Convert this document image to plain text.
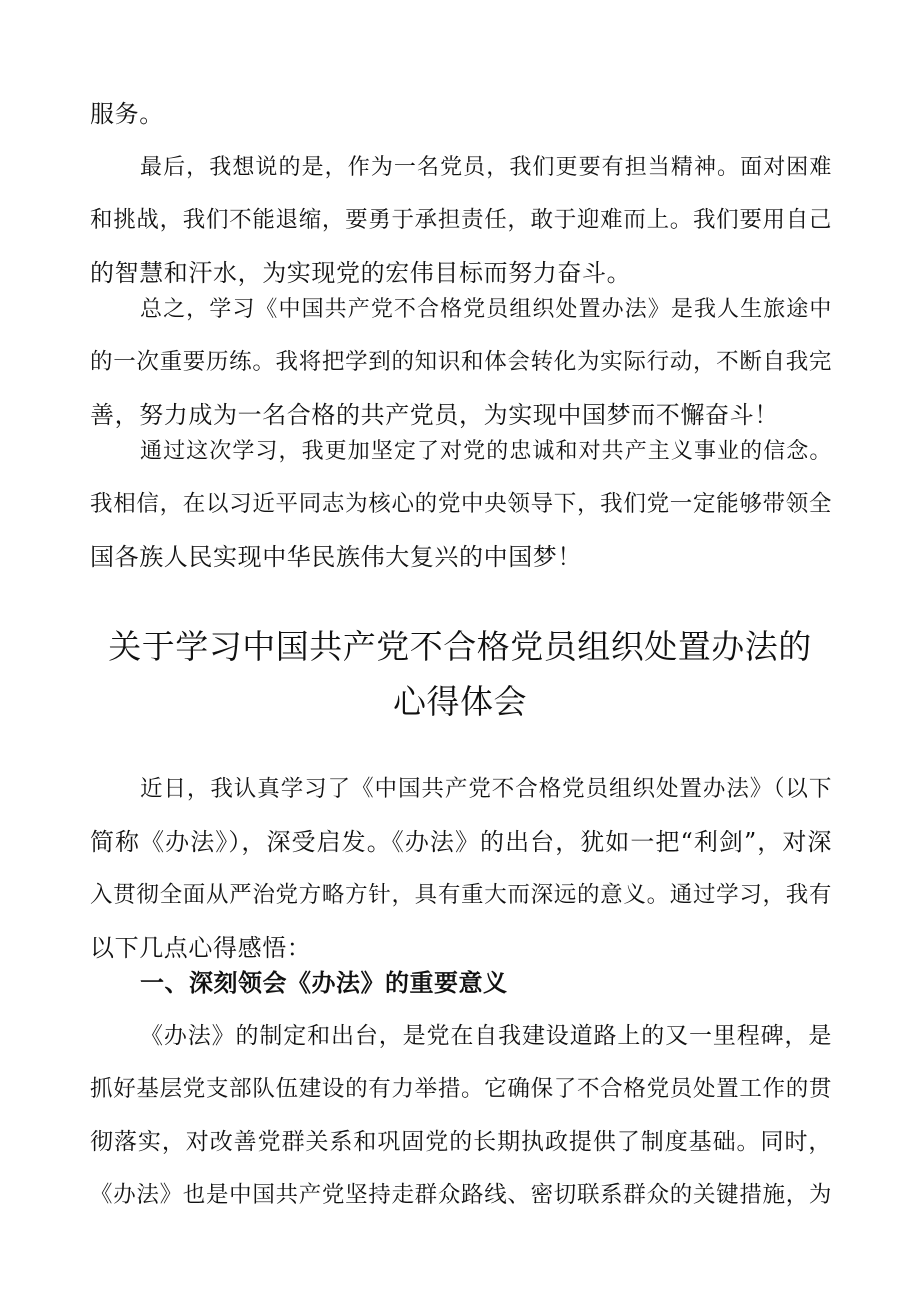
服务。
最后，我想说的是，作为一名党员，我们更要有担当精神。面对困难
和挑战，我们不能退缩，要勇于承担责任，敢于迎难而上。我们要用自己
的智慧和汗水，为实现党的宏伟目标而努力奋斗。
总之，学习《中国共产党不合格党员组织处置办法》是我人生旅途中
的一次重要历练。我将把学到的知识和体会转化为实际行动，不断自我完
善，努力成为一名合格的共产党员，为实现中国梦而不懈奋斗！
通过这次学习，我更加坚定了对党的忠诚和对共产主义事业的信念。
我相信，在以习近平同志为核心的党中央领导下，我们党一定能够带领全
国各族人民实现中华民族伟大复兴的中国梦！
关于学习中国共产党不合格党员组织处置办法的
心得体会
近日，我认真学习了《中国共产党不合格党员组织处置办法》（以下
简称《办法》），深受启发。《办法》的出台，犹如一把“利剑”，对深
入贯彻全面从严治党方略方针，具有重大而深远的意义。通过学习，我有
以下几点心得感悟：
一、深刻领会《办法》的重要意义
《办法》的制定和出台，是党在自我建设道路上的又一里程碑，是
抓好基层党支部队伍建设的有力举措。它确保了不合格党员处置工作的贯
彻落实，对改善党群关系和巩固党的长期执政提供了制度基础。同时，
《办法》也是中国共产党坚持走群众路线、密切联系群众的关键措施，为
